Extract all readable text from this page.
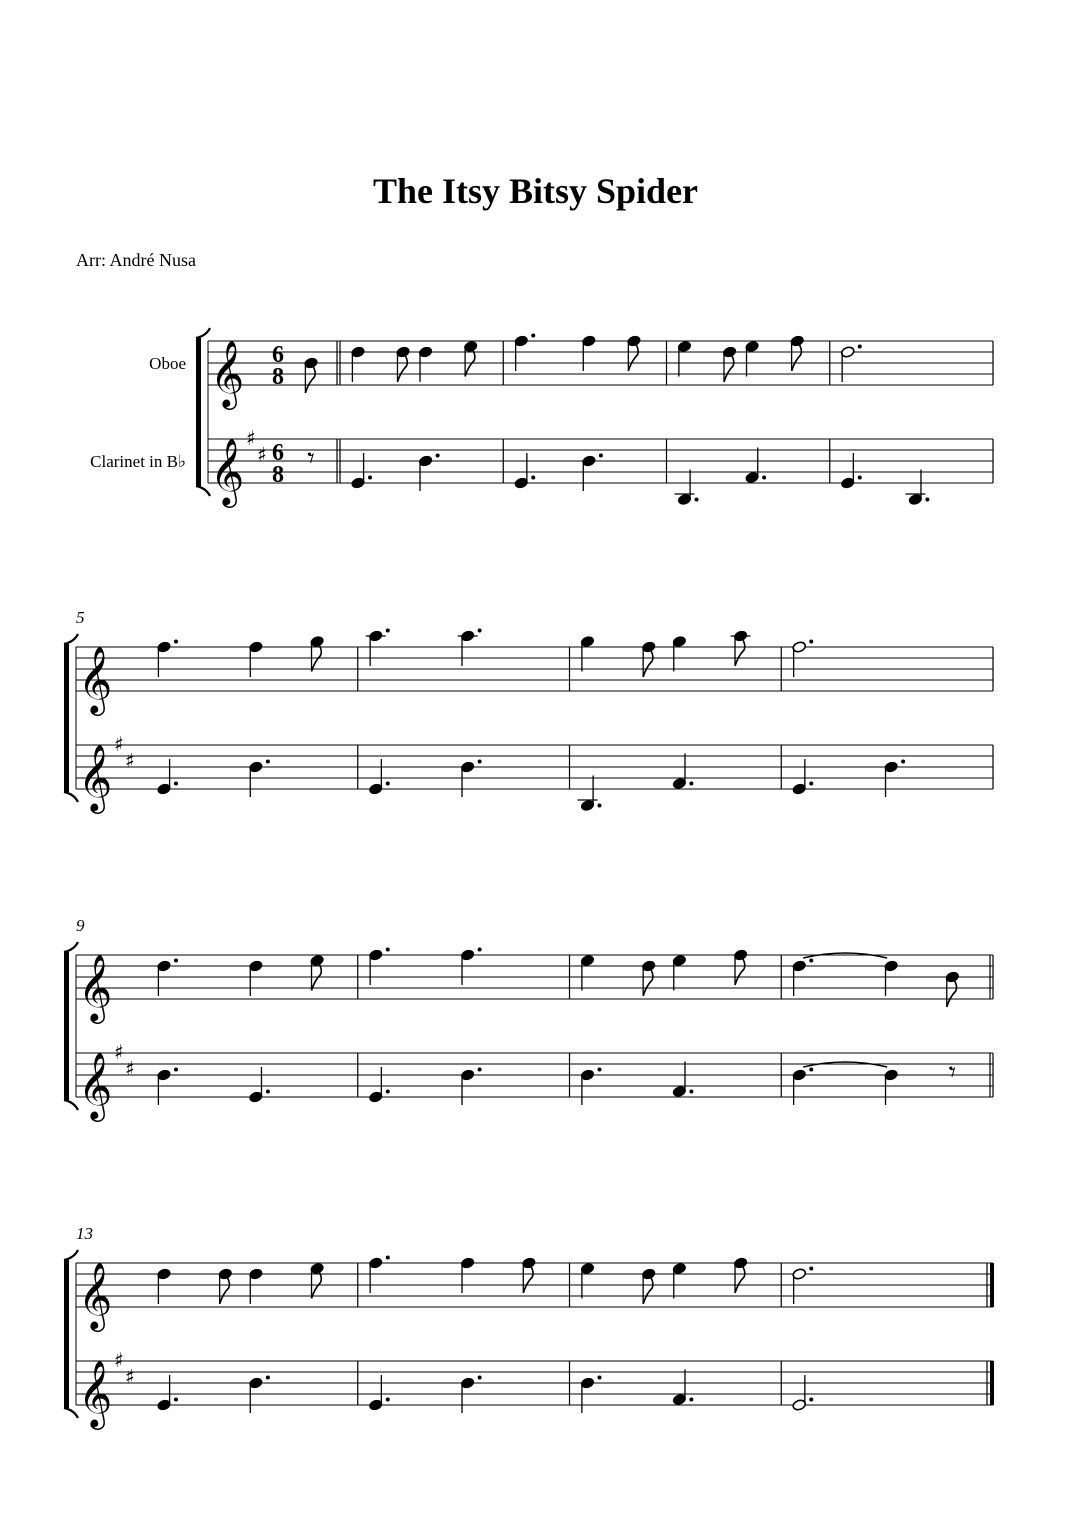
The Itsy Bitsy Spider
Arr: André Nusa
𝄞
𝄞 ♯
♯
Oboe
Clarinet in B♭
6
8
6
8
𝄾
𝄞
𝄞 ♯
♯
5
𝄞
𝄞 ♯
♯
9
𝄾
𝄞
𝄞 ♯
♯
13
